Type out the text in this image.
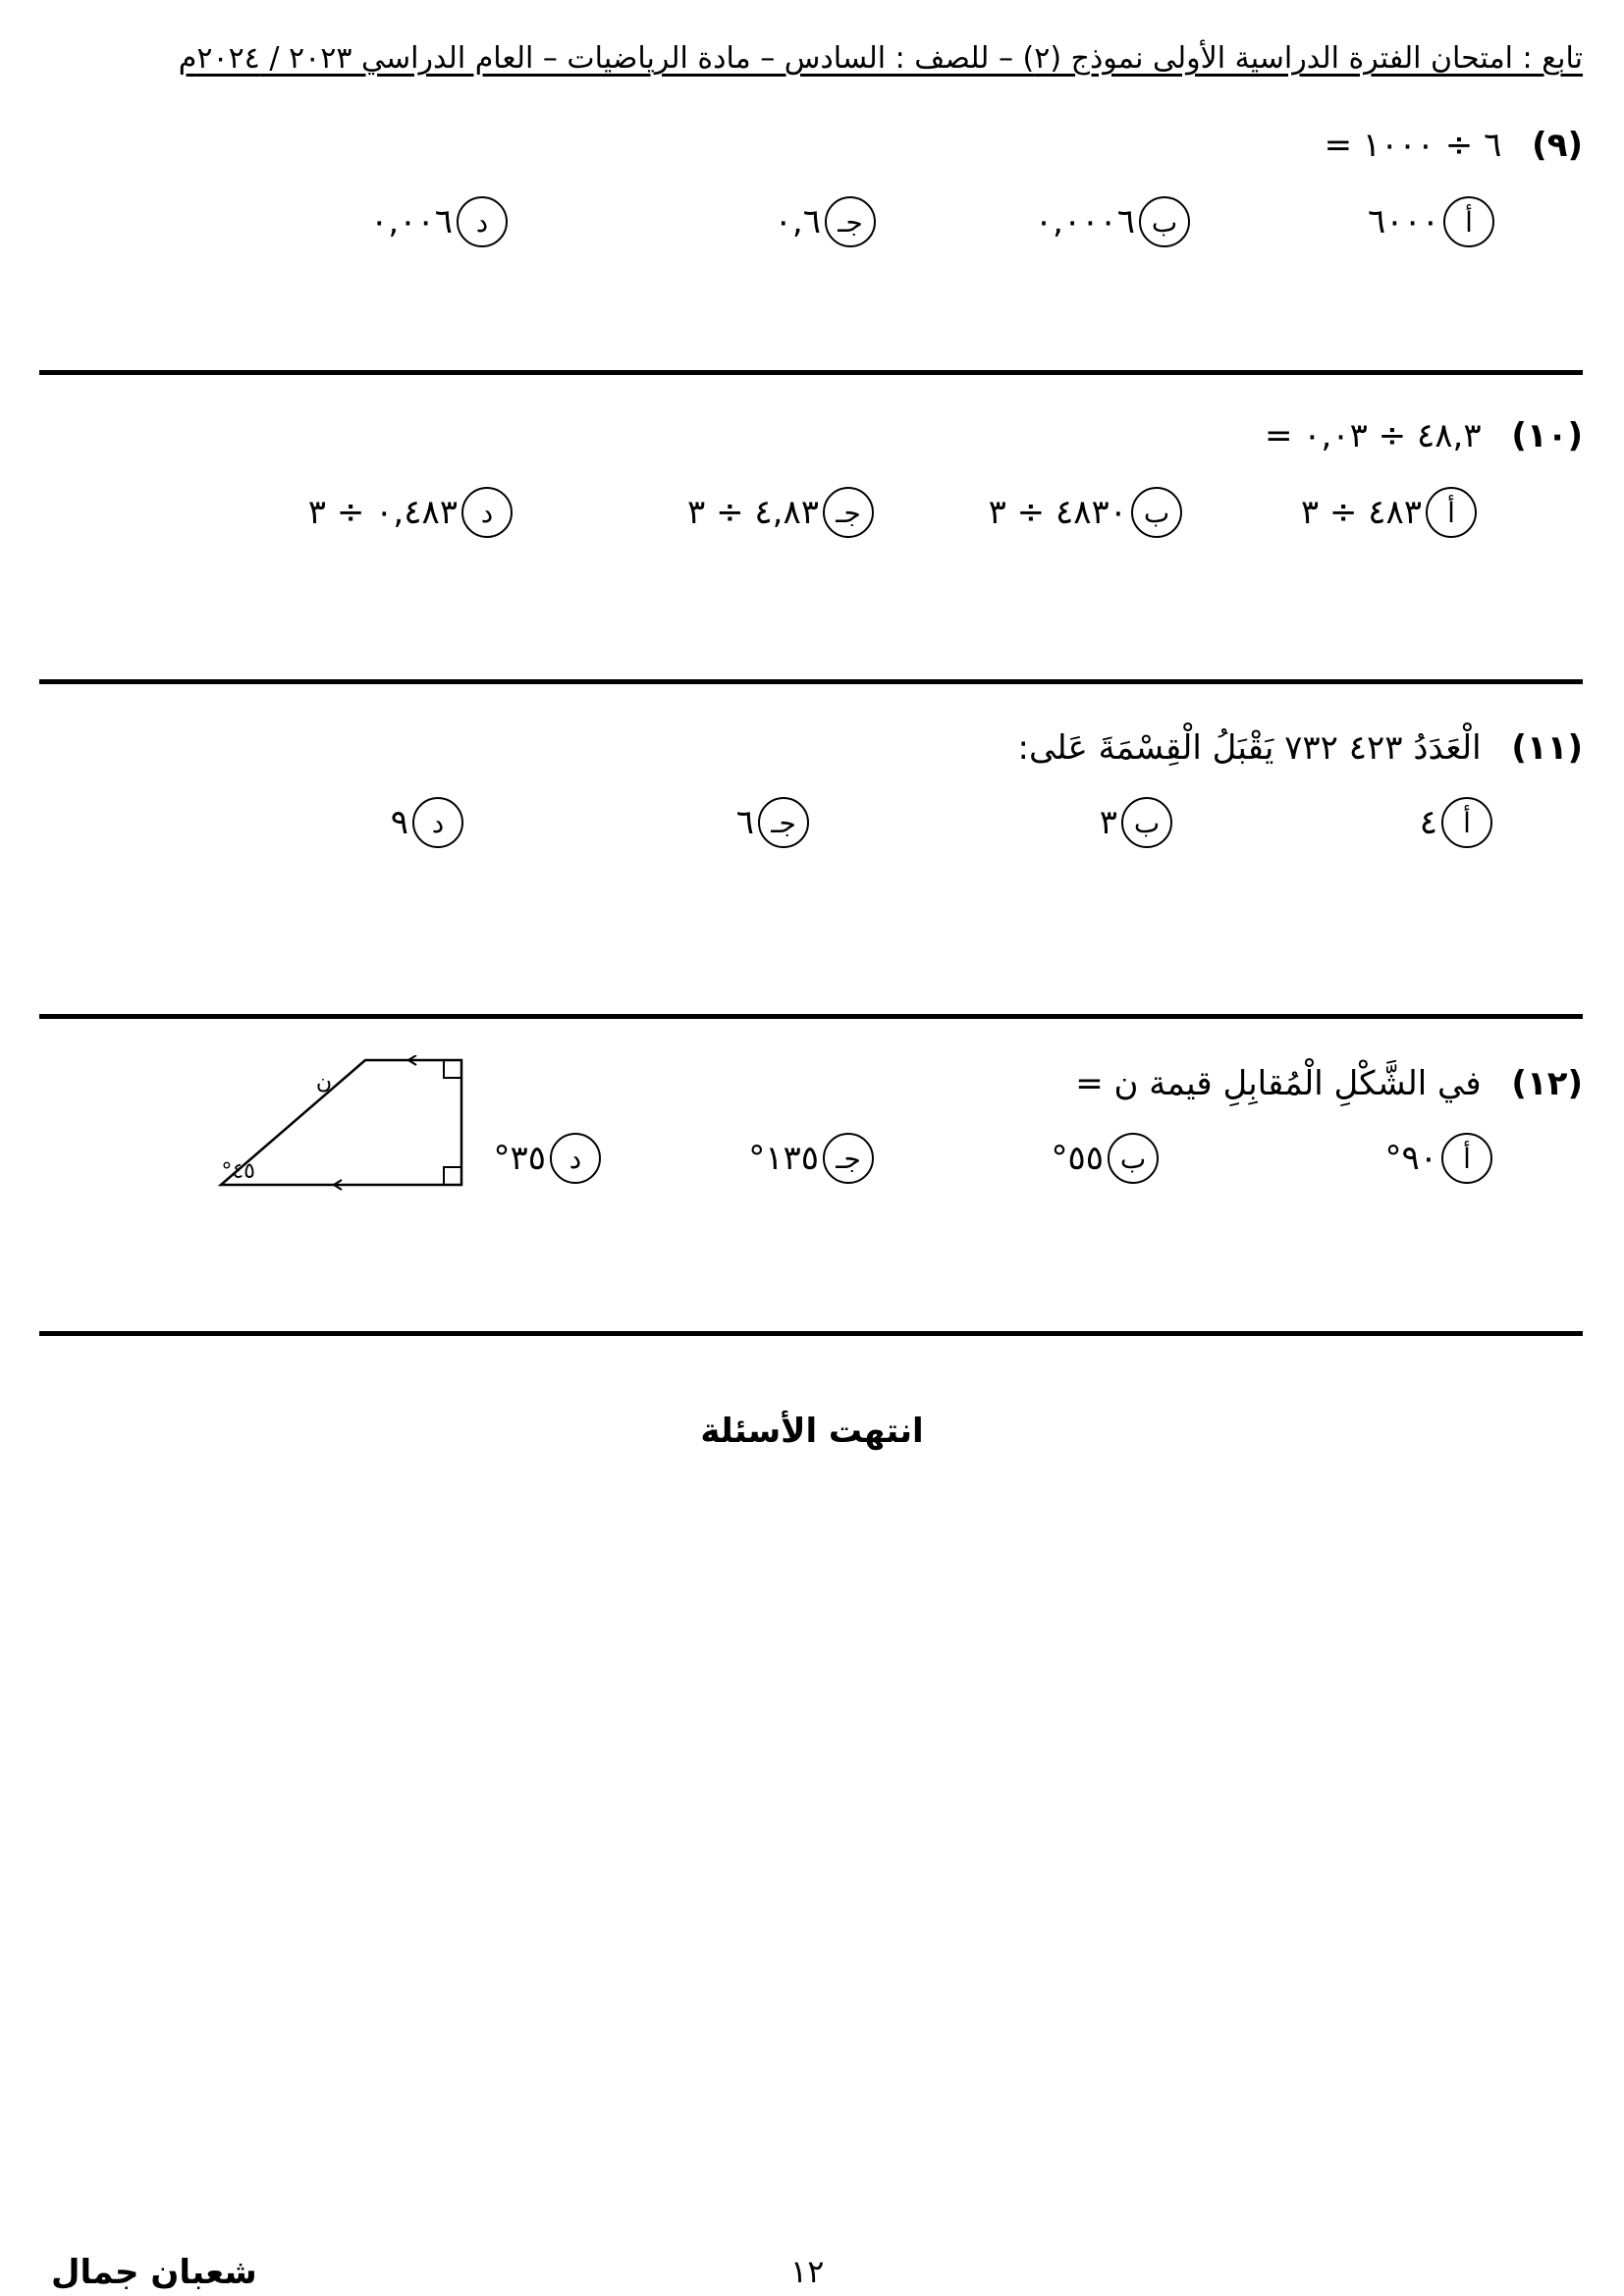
تابع : امتحان الفترة الدراسية الأولى نموذج (٢) – للصف : السادس – مادة الرياضيات – العام الدراسي ٢٠٢٣ / ٢٠٢٤م
(٩) ٦ ÷ ١٠٠٠ =
أ
٦٠٠٠
ب
٠,٠٠٠٦
جـ
٠,٦
د
٠,٠٠٦
(١٠) ٤٨,٣ ÷ ٠,٠٣ =
أ
٤٨٣ ÷ ٣
ب
٤٨٣٠ ÷ ٣
جـ
٤,٨٣ ÷ ٣
د
٠,٤٨٣ ÷ ٣
(١١) الْعَدَدُ ٤٢٣ ٧٣٢ يَقْبَلُ الْقِسْمَةَ عَلى:
أ
٤
ب
٣
جـ
٦
د
٩
(١٢) في الشَّكْلِ الْمُقابِلِ قيمة ن =
أ
٩٠°
ب
٥٥°
جـ
١٣٥°
د
٣٥°
٤٥°
ن
انتهت الأسئلة
شعبان جمال	١٢
